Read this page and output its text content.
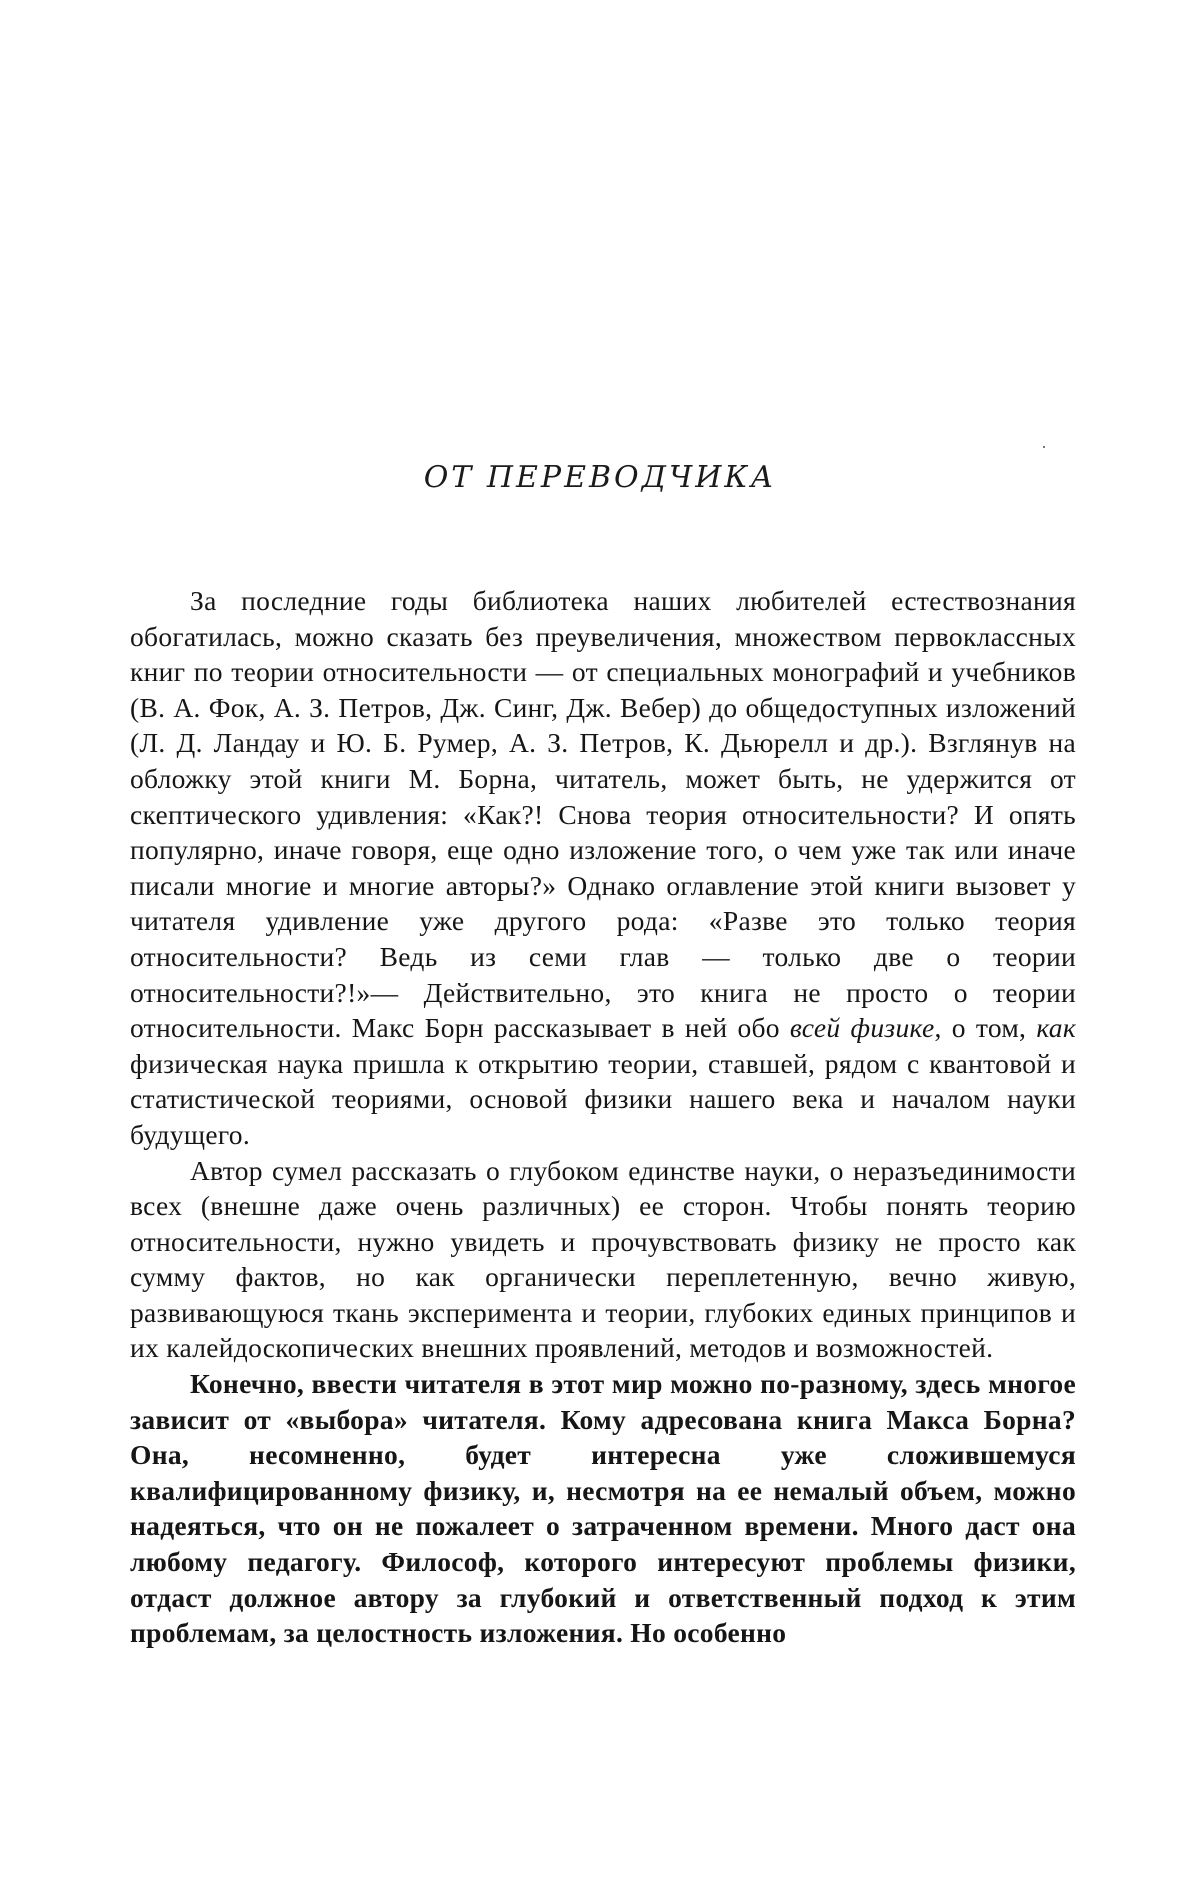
ОТ ПЕРЕВОДЧИКА

За последние годы библиотека наших любителей естествознания обогатилась, можно сказать без преувеличения, множеством первоклассных книг по теории относительности — от специальных монографий и учебников (В. А. Фок, А. З. Петров, Дж. Синг, Дж. Вебер) до общедоступных изложений (Л. Д. Ландау и Ю. Б. Румер, А. З. Петров, К. Дьюрелл и др.). Взглянув на обложку этой книги М. Борна, читатель, может быть, не удержится от скептического удивления: «Как?! Снова теория относительности? И опять популярно, иначе говоря, еще одно изложение того, о чем уже так или иначе писали многие и многие авторы?» Однако оглавление этой книги вызовет у читателя удивление уже другого рода: «Разве это только теория относительности? Ведь из семи глав — только две о теории относительности?!»— Действительно, это книга не просто о теории относительности. Макс Борн рассказывает в ней обо всей физике, о том, как физическая наука пришла к открытию теории, ставшей, рядом с квантовой и статистической теориями, основой физики нашего века и началом науки будущего.

Автор сумел рассказать о глубоком единстве науки, о неразъединимости всех (внешне даже очень различных) ее сторон. Чтобы понять теорию относительности, нужно увидеть и прочувствовать физику не просто как сумму фактов, но как органически переплетенную, вечно живую, развивающуюся ткань эксперимента и теории, глубоких единых принципов и их калейдоскопических внешних проявлений, методов и возможностей.

Конечно, ввести читателя в этот мир можно по-разному, здесь многое зависит от «выбора» читателя. Кому адресована книга Макса Борна? Она, несомненно, будет интересна уже сложившемуся квалифицированному физику, и, несмотря на ее немалый объем, можно надеяться, что он не пожалеет о затраченном времени. Много даст она любому педагогу. Философ, которого интересуют проблемы физики, отдаст должное автору за глубокий и ответственный подход к этим проблемам, за целостность изложения. Но особенно
